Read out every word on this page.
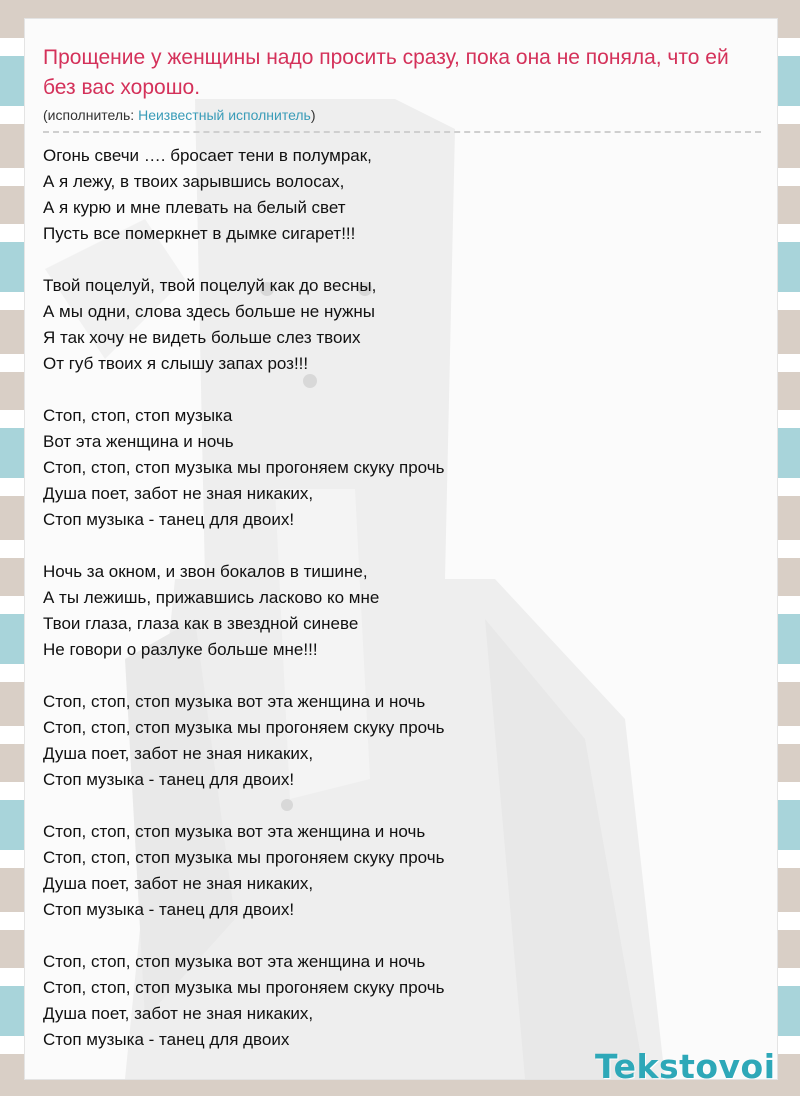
Прощение у женщины надо просить сразу, пока она не поняла, что ей без вас хорошо.
(исполнитель: Неизвестный исполнитель)
Огонь свечи …. бросает тени в полумрак,
А я лежу, в твоих зарывшись волосах,
А я курю и мне плевать на белый свет
Пусть все померкнет в дымке сигарет!!!
Твой поцелуй, твой поцелуй как до весны,
А мы одни, слова здесь больше не нужны
Я так хочу не видеть больше слез твоих
От губ твоих я слышу запах роз!!!
Стоп, стоп, стоп музыка
Вот эта женщина и ночь
Стоп, стоп, стоп музыка мы прогоняем скуку прочь
Душа поет, забот не зная никаких,
Стоп музыка - танец для двоих!
Ночь за окном, и звон бокалов в тишине,
А ты лежишь, прижавшись ласково ко мне
Твои глаза, глаза как в звездной синеве
Не говори о разлуке больше мне!!!
Стоп, стоп, стоп музыка вот эта женщина и ночь
Стоп, стоп, стоп музыка мы прогоняем скуку прочь
Душа поет, забот не зная никаких,
Стоп музыка - танец для двоих!
Стоп, стоп, стоп музыка вот эта женщина и ночь
Стоп, стоп, стоп музыка мы прогоняем скуку прочь
Душа поет, забот не зная никаких,
Стоп музыка - танец для двоих!
Стоп, стоп, стоп музыка вот эта женщина и ночь
Стоп, стоп, стоп музыка мы прогоняем скуку прочь
Душа поет, забот не зная никаких,
Стоп музыка - танец для двоих
Tekstovoi
